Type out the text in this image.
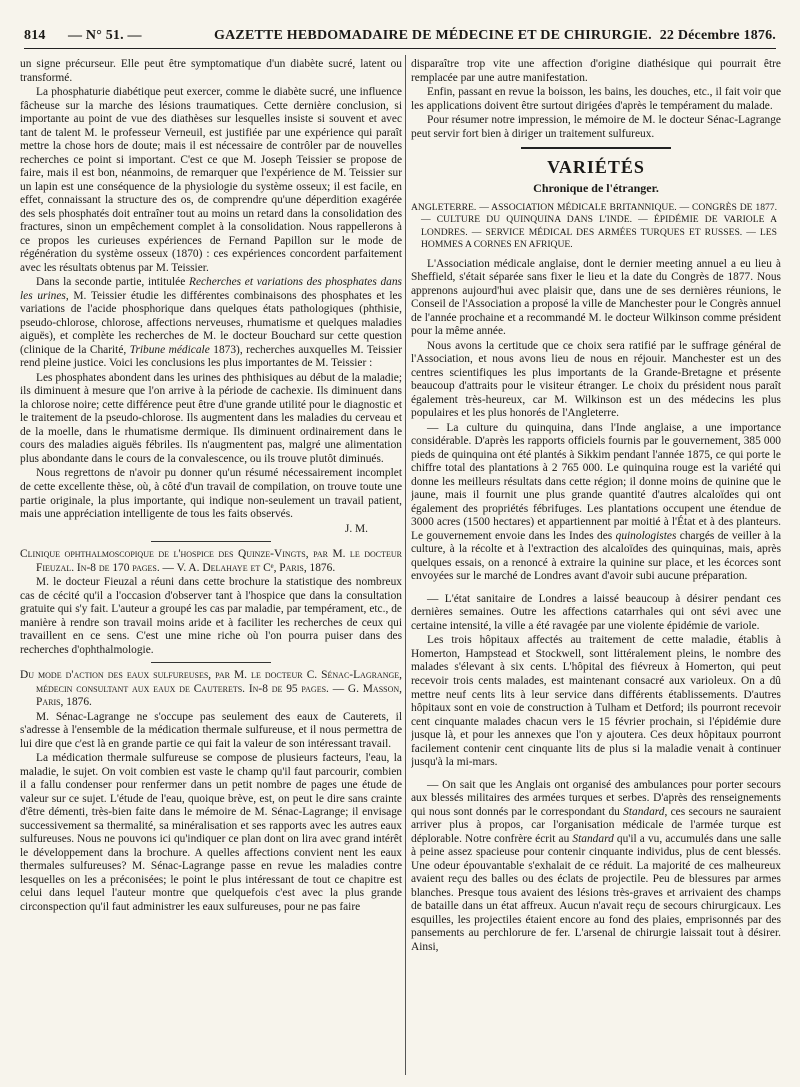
814 — N° 51. —	GAZETTE HEBDOMADAIRE DE MÉDECINE ET DE CHIRURGIE. 22 Décembre 1876.

un signe précurseur. Elle peut être symptomatique d'un diabète sucré, latent ou transformé.

La phosphaturie diabétique peut exercer, comme le diabète sucré, une influence fâcheuse sur la marche des lésions traumatiques. Cette dernière conclusion, si importante au point de vue des diathèses sur lesquelles insiste si souvent et avec tant de talent M. le professeur Verneuil, est justifiée par une expérience qui paraît mettre la chose hors de doute; mais il est nécessaire de contrôler par de nouvelles recherches ce point si important. C'est ce que M. Joseph Teissier se propose de faire, mais il est bon, néanmoins, de remarquer que l'expérience de M. Teissier sur un lapin est une conséquence de la physiologie du système osseux; il est facile, en effet, connaissant la structure des os, de comprendre qu'une déperdition exagérée des sels phosphatés doit entraîner tout au moins un retard dans la consolidation des fractures, sinon un empêchement complet à la consolidation. Nous rappellerons à ce propos les curieuses expériences de Fernand Papillon sur le mode de régénération du système osseux (1870) : ces expériences concordent parfaitement avec les résultats obtenus par M. Teissier.

Dans la seconde partie, intitulée Recherches et variations des phosphates dans les urines, M. Teissier étudie les différentes combinaisons des phosphates et les variations de l'acide phosphorique dans quelques états pathologiques (phthisie, pseudo-chlorose, chlorose, affections nerveuses, rhumatisme et quelques maladies aiguës), et complète les recherches de M. le docteur Bouchard sur cette question (clinique de la Charité, Tribune médicale 1873), recherches auxquelles M. Teissier rend pleine justice. Voici les conclusions les plus importantes de M. Teissier :

Les phosphates abondent dans les urines des phthisiques au début de la maladie; ils diminuent à mesure que l'on arrive à la période de cachexie. Ils diminuent dans la chlorose noire; cette différence peut être d'une grande utilité pour le diagnostic et le traitement de la pseudo-chlorose. Ils augmentent dans les maladies du cerveau et de la moelle, dans le rhumatisme dermique. Ils diminuent ordinairement dans le cours des maladies aiguës fébriles. Ils n'augmentent pas, malgré une alimentation plus abondante dans le cours de la convalescence, ou ils trouve plutôt diminués.

Nous regrettons de n'avoir pu donner qu'un résumé nécessairement incomplet de cette excellente thèse, où, à côté d'un travail de compilation, on trouve toute une partie originale, la plus importante, qui indique non-seulement un travail patient, mais une appréciation intelligente de tous les faits observés.

J. M.

Clinique ophthalmoscopique de l'hospice des Quinze-Vingts, par M. le docteur Fieuzal. In-8 de 170 pages. — V. A. Delahaye et Cᵉ, Paris, 1876.

M. le docteur Fieuzal a réuni dans cette brochure la statistique des nombreux cas de cécité qu'il a l'occasion d'observer tant à l'hospice que dans la consultation gratuite qui s'y fait. L'auteur a groupé les cas par maladie, par tempérament, etc., de manière à rendre son travail moins aride et à faciliter les recherches de ceux qui travaillent en ce sens. C'est une mine riche où l'on pourra puiser dans des recherches d'ophthalmologie.

Du mode d'action des eaux sulfureuses, par M. le docteur C. Sénac-Lagrange, médecin consultant aux eaux de Cauterets. In-8 de 95 pages. — G. Masson, Paris, 1876.

M. Sénac-Lagrange ne s'occupe pas seulement des eaux de Cauterets, il s'adresse à l'ensemble de la médication thermale sulfureuse, et il nous permettra de lui dire que c'est là en grande partie ce qui fait la valeur de son intéressant travail.

La médication thermale sulfureuse se compose de plusieurs facteurs, l'eau, la maladie, le sujet. On voit combien est vaste le champ qu'il faut parcourir, combien il a fallu condenser pour renfermer dans un petit nombre de pages une étude de valeur sur ce sujet. L'étude de l'eau, quoique brève, est, on peut le dire sans crainte d'être démenti, très-bien faite dans le mémoire de M. Sénac-Lagrange; il envisage successivement sa thermalité, sa minéralisation et ses rapports avec les autres eaux sulfureuses. Nous ne pouvons ici qu'indiquer ce plan dont on lira avec grand intérêt le développement dans la brochure. A quelles affections convient nent les eaux thermales sulfureuses? M. Sénac-Lagrange passe en revue les maladies contre lesquelles on les a préconisées; le point le plus intéressant de tout ce chapitre est celui dans lequel l'auteur montre que quelquefois c'est avec la plus grande circonspection qu'il faut administrer les eaux sulfureuses, pour ne pas faire

disparaître trop vite une affection d'origine diathésique qui pourrait être remplacée par une autre manifestation.

Enfin, passant en revue la boisson, les bains, les douches, etc., il fait voir que les applications doivent être surtout dirigées d'après le tempérament du malade.

Pour résumer notre impression, le mémoire de M. le docteur Sénac-Lagrange peut servir fort bien à diriger un traitement sulfureux.

VARIÉTÉS
Chronique de l'étranger.

ANGLETERRE. — ASSOCIATION MÉDICALE BRITANNIQUE. — CONGRÈS DE 1877. — CULTURE DU QUINQUINA DANS L'INDE. — ÉPIDÉMIE DE VARIOLE A LONDRES. — SERVICE MÉDICAL DES ARMÉES TURQUES ET RUSSES. — LES HOMMES A CORNES EN AFRIQUE.

L'Association médicale anglaise, dont le dernier meeting annuel a eu lieu à Sheffield, s'était séparée sans fixer le lieu et la date du Congrès de 1877. Nous apprenons aujourd'hui avec plaisir que, dans une de ses dernières réunions, le Conseil de l'Association a proposé la ville de Manchester pour le Congrès annuel de l'année prochaine et a recommandé M. le docteur Wilkinson comme président pour la même année.

Nous avons la certitude que ce choix sera ratifié par le suffrage général de l'Association, et nous avons lieu de nous en réjouir. Manchester est un des centres scientifiques les plus importants de la Grande-Bretagne et présente beaucoup d'attraits pour le visiteur étranger. Le choix du président nous paraît également très-heureux, car M. Wilkinson est un des médecins les plus populaires et les plus honorés de l'Angleterre.

— La culture du quinquina, dans l'Inde anglaise, a une importance considérable. D'après les rapports officiels fournis par le gouvernement, 385 000 pieds de quinquina ont été plantés à Sikkim pendant l'année 1875, ce qui porte le chiffre total des plantations à 2 765 000. Le quinquina rouge est la variété qui donne les meilleurs résultats dans cette région; il donne moins de quinine que le jaune, mais il fournit une plus grande quantité d'autres alcaloïdes qui ont également des propriétés fébrifuges. Les plantations occupent une étendue de 3000 acres (1500 hectares) et appartiennent par moitié à l'État et à des planteurs. Le gouvernement envoie dans les Indes des quinologistes chargés de veiller à la culture, à la récolte et à l'extraction des alcaloïdes des quinquinas, mais, après quelques essais, on a renoncé à extraire la quinine sur place, et les écorces sont envoyées sur le marché de Londres avant d'avoir subi aucune préparation.

— L'état sanitaire de Londres a laissé beaucoup à désirer pendant ces dernières semaines. Outre les affections catarrhales qui ont sévi avec une certaine intensité, la ville a été ravagée par une violente épidémie de variole.

Les trois hôpitaux affectés au traitement de cette maladie, établis à Homerton, Hampstead et Stockwell, sont littéralement pleins, le nombre des malades s'élevant à six cents. L'hôpital des fiévreux à Homerton, qui peut recevoir trois cents malades, est maintenant consacré aux varioleux. On a dû mettre neuf cents lits à leur service dans différents établissements. D'autres hôpitaux sont en voie de construction à Tulham et Detford; ils pourront recevoir cent cinquante malades chacun vers le 15 février prochain, si l'épidémie dure jusque là, et pour les annexes que l'on y ajoutera. Ces deux hôpitaux pourront facilement contenir cent cinquante lits de plus si la maladie venait à continuer jusqu'à la mi-mars.

— On sait que les Anglais ont organisé des ambulances pour porter secours aux blessés militaires des armées turques et serbes. D'après des renseignements qui nous sont donnés par le correspondant du Standard, ces secours ne sauraient arriver plus à propos, car l'organisation médicale de l'armée turque est déplorable. Notre confrère écrit au Standard qu'il a vu, accumulés dans une salle à peine assez spacieuse pour contenir cinquante individus, plus de cent blessés. Une odeur épouvantable s'exhalait de ce réduit. La majorité de ces malheureux avaient reçu des balles ou des éclats de projectile. Peu de blessures par armes blanches. Presque tous avaient des lésions très-graves et arrivaient des champs de bataille dans un état affreux. Aucun n'avait reçu de secours chirurgicaux. Les esquilles, les projectiles étaient encore au fond des plaies, emprisonnés par des pansements au perchlorure de fer. L'arsenal de chirurgie laissait tout à désirer. Ainsi,
